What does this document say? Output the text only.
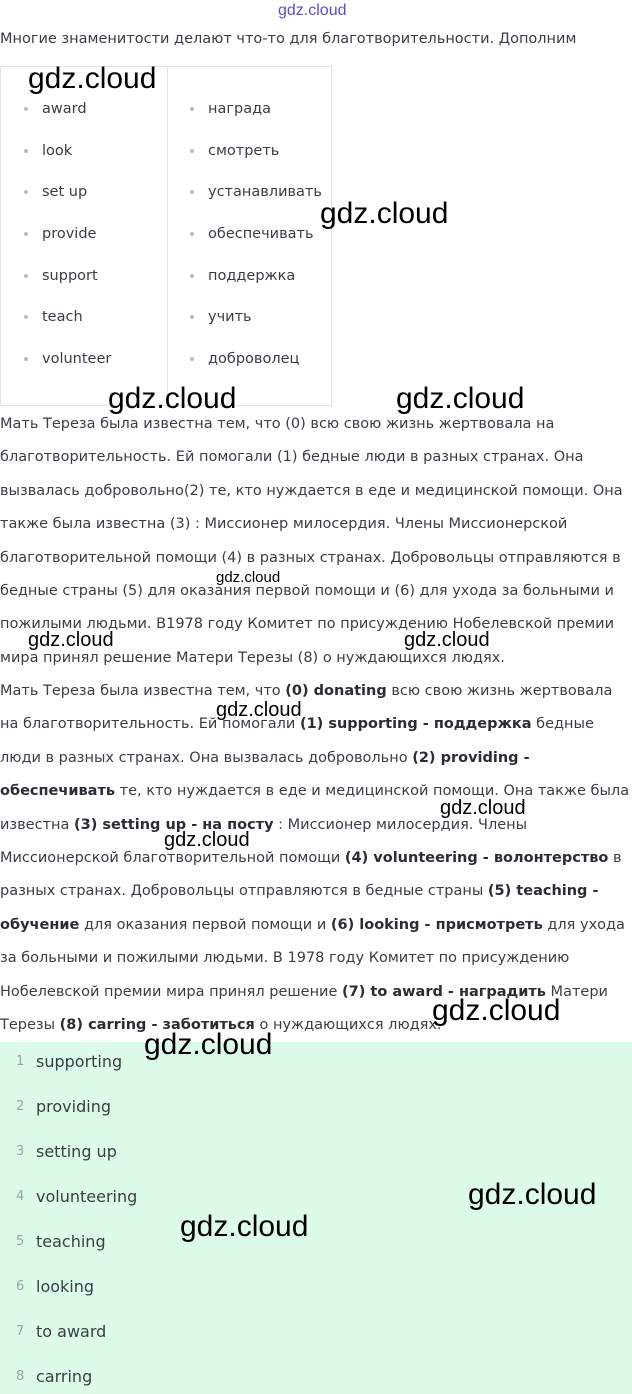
gdz.cloud
Многие знаменитости делают что-то для благотворительности. Дополним
award
look
set up
provide
support
teach
volunteer
награда
смотреть
устанавливать
обеспечивать
поддержка
учить
доброволец

Мать Тереза была известна тем, что (0) всю свою жизнь жертвовала на благотворительность. Ей помогали (1) бедные люди в разных странах. Она вызвалась добровольно(2) те, кто нуждается в еде и медицинской помощи. Она также была известна (3) : Миссионер милосердия. Члены Миссионерской благотворительной помощи (4) в разных странах. Добровольцы отправляются в бедные страны (5) для оказания первой помощи и (6) для ухода за больными и пожилыми людьми. В1978 году Комитет по присуждению Нобелевской премии мира принял решение Матери Терезы (8) о нуждающихся людях.

Мать Тереза была известна тем, что (0) donating всю свою жизнь жертвовала на благотворительность. Ей помогали (1) supporting - поддержка бедные люди в разных странах. Она вызвалась добровольно (2) providing - обеспечивать те, кто нуждается в еде и медицинской помощи. Она также была известна (3) setting up - на посту : Миссионер милосердия. Члены Миссионерской благотворительной помощи (4) volunteering - волонтерство в разных странах. Добровольцы отправляются в бедные страны (5) teaching - обучение для оказания первой помощи и (6) looking - присмотреть для ухода за больными и пожилыми людьми. В 1978 году Комитет по присуждению Нобелевской премии мира принял решение (7) to award - наградить Матери Терезы (8) carring - заботиться о нуждающихся людях.

1 supporting
2 providing
3 setting up
4 volunteering
5 teaching
6 looking
7 to award
8 carring
gdz.cloud
gdz.cloud
gdz.cloud	gdz.cloud
gdz.cloud
gdz.cloud	gdz.cloud
gdz.cloud
gdz.cloud
gdz.cloud
gdz.cloud
gdz.cloud
gdz.cloud
gdz.cloud
